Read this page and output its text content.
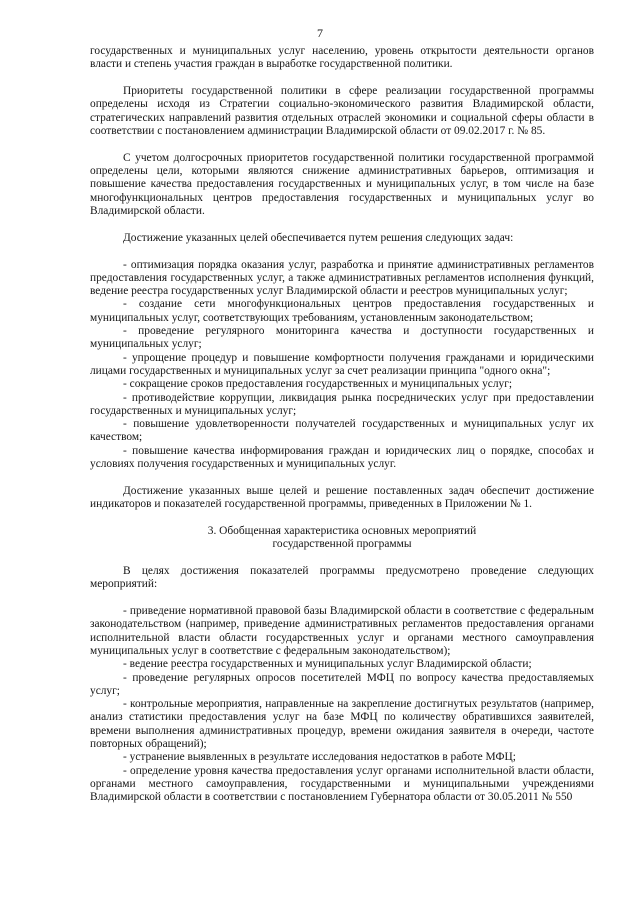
7

государственных и муниципальных услуг населению, уровень открытости деятельности органов власти и степень участия граждан в выработке государственной политики.

Приоритеты государственной политики в сфере реализации государственной программы определены исходя из Стратегии социально-экономического развития Владимирской области, стратегических направлений развития отдельных отраслей экономики и социальной сферы области в соответствии с постановлением администрации Владимирской области от 09.02.2017 г. № 85.

С учетом долгосрочных приоритетов государственной политики государственной программой определены цели, которыми являются снижение административных барьеров, оптимизация и повышение качества предоставления государственных и муниципальных услуг, в том числе на базе многофункциональных центров предоставления государственных и муниципальных услуг во Владимирской области.

Достижение указанных целей обеспечивается путем решения следующих задач:

- оптимизация порядка оказания услуг, разработка и принятие административных регламентов предоставления государственных услуг, а также административных регламентов исполнения функций, ведение реестра государственных услуг Владимирской области и реестров муниципальных услуг;

- создание сети многофункциональных центров предоставления государственных и муниципальных услуг, соответствующих требованиям, установленным законодательством;

- проведение регулярного мониторинга качества и доступности государственных и муниципальных услуг;

- упрощение процедур и повышение комфортности получения гражданами и юридическими лицами государственных и муниципальных услуг за счет реализации принципа "одного окна";

- сокращение сроков предоставления государственных и муниципальных услуг;

- противодействие коррупции, ликвидация рынка посреднических услуг при предоставлении государственных и муниципальных услуг;

- повышение удовлетворенности получателей государственных и муниципальных услуг их качеством;

- повышение качества информирования граждан и юридических лиц о порядке, способах и условиях получения государственных и муниципальных услуг.

Достижение указанных выше целей и решение поставленных задач обеспечит достижение индикаторов и показателей государственной программы, приведенных в Приложении № 1.

3. Обобщенная характеристика основных мероприятий
государственной программы

В целях достижения показателей программы предусмотрено проведение следующих мероприятий:

- приведение нормативной правовой базы Владимирской области в соответствие с федеральным законодательством (например, приведение административных регламентов предоставления органами исполнительной власти области государственных услуг и органами местного самоуправления муниципальных услуг в соответствие с федеральным законодательством);

- ведение реестра государственных и муниципальных услуг Владимирской области;

- проведение регулярных опросов посетителей МФЦ по вопросу качества предоставляемых услуг;

- контрольные мероприятия, направленные на закрепление достигнутых результатов (например, анализ статистики предоставления услуг на базе МФЦ по количеству обратившихся заявителей, времени выполнения административных процедур, времени ожидания заявителя в очереди, частоте повторных обращений);

- устранение выявленных в результате исследования недостатков в работе МФЦ;

- определение уровня качества предоставления услуг органами исполнительной власти области, органами местного самоуправления, государственными и муниципальными учреждениями Владимирской области в соответствии с постановлением Губернатора области от 30.05.2011 № 550
